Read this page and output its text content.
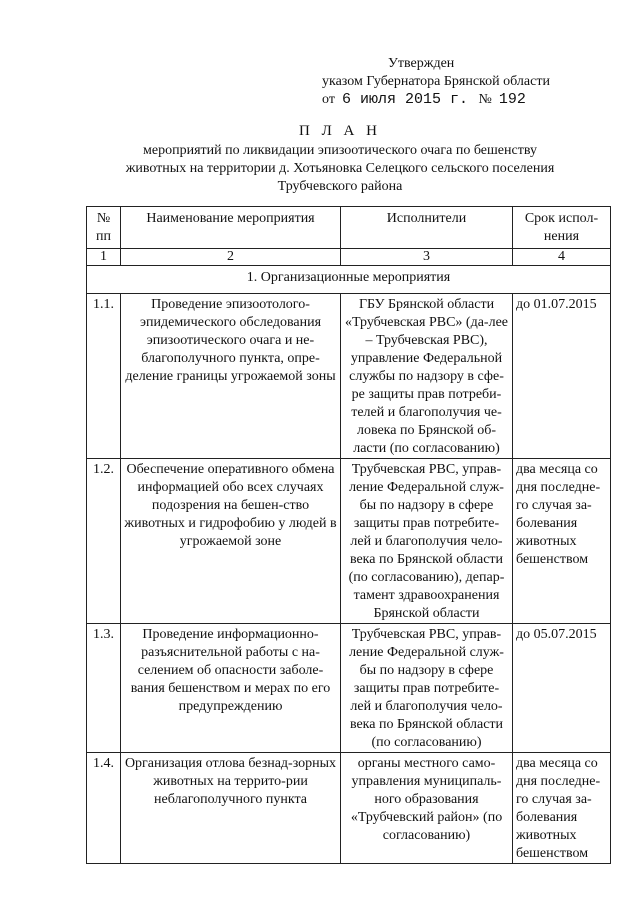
Утвержден
указом Губернатора Брянской области
от 6 июля 2015 г. № 192
П Л А Н
мероприятий по ликвидации эпизоотического очага по бешенству
животных на территории д. Хотьяновка Селецкого сельского поселения
Трубчевского района
№ пп	Наименование мероприятия	Исполнители	Срок испол-нения
1	2	3	4
1. Организационные мероприятия			
1.1.	Проведение эпизоотолого-эпидемического обследования эпизоотического очага и не-благополучного пункта, опре-деление границы угрожаемой зоны	ГБУ Брянской области «Трубчевская РВС» (да-лее – Трубчевская РВС), управление Федеральной службы по надзору в сфе-ре защиты прав потреби-телей и благополучия че-ловека по Брянской об-ласти (по согласованию)	до 01.07.2015
1.2.	Обеспечение оперативного обмена информацией обо всех случаях подозрения на бешен-ство животных и гидрофобию у людей в угрожаемой зоне	Трубчевская РВС, управ-ление Федеральной служ-бы по надзору в сфере защиты прав потребите-лей и благополучия чело-века по Брянской области (по согласованию), депар-тамент здравоохранения Брянской области	два месяца со дня последне-го случая за-болевания животных бешенством
1.3.	Проведение информационно-разъяснительной работы с на-селением об опасности заболе-вания бешенством и мерах по его предупреждению	Трубчевская РВС, управ-ление Федеральной служ-бы по надзору в сфере защиты прав потребите-лей и благополучия чело-века по Брянской области (по согласованию)	до 05.07.2015
1.4.	Организация отлова безнад-зорных животных на террито-рии неблагополучного пункта	органы местного само-управления муниципаль-ного образования «Трубчевский район» (по согласованию)	два месяца со дня последне-го случая за-болевания животных бешенством
